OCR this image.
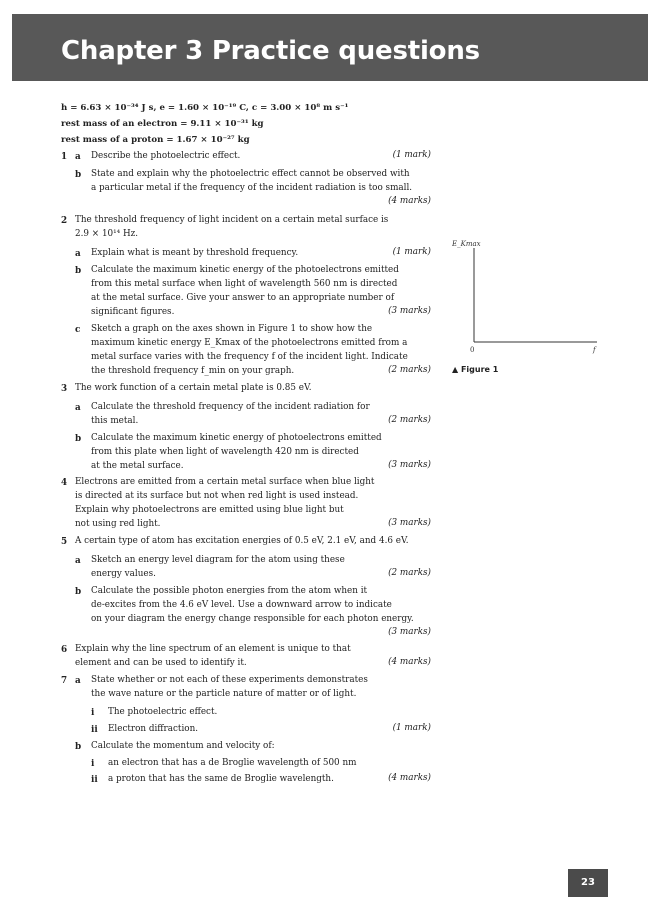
Chapter 3 Practice questions
h = 6.63 × 10⁻³⁴ J s, e = 1.60 × 10⁻¹⁹ C, c = 3.00 × 10⁸ m s⁻¹
rest mass of an electron = 9.11 × 10⁻³¹ kg
rest mass of a proton = 1.67 × 10⁻²⁷ kg
1 a Describe the photoelectric effect.	(1 mark)
b State and explain why the photoelectric effect cannot be observed with
a particular metal if the frequency of the incident radiation is too small.
(4 marks)
2 The threshold frequency of light incident on a certain metal surface is
2.9 × 10¹⁴ Hz.
a Explain what is meant by threshold frequency.	(1 mark)
b Calculate the maximum kinetic energy of the photoelectrons emitted
from this metal surface when light of wavelength 560 nm is directed
at the metal surface. Give your answer to an appropriate number of
significant figures.	(3 marks)
c Sketch a graph on the axes shown in Figure 1 to show how the
maximum kinetic energy E_Kmax of the photoelectrons emitted from a
metal surface varies with the frequency f of the incident light. Indicate
the threshold frequency f_min on your graph.	(2 marks)
E_Kmax
0	f
▲ Figure 1
3 The work function of a certain metal plate is 0.85 eV.
a Calculate the threshold frequency of the incident radiation for
this metal.	(2 marks)
b Calculate the maximum kinetic energy of photoelectrons emitted
from this plate when light of wavelength 420 nm is directed
at the metal surface.	(3 marks)
4 Electrons are emitted from a certain metal surface when blue light
is directed at its surface but not when red light is used instead.
Explain why photoelectrons are emitted using blue light but
not using red light.	(3 marks)
5 A certain type of atom has excitation energies of 0.5 eV, 2.1 eV, and 4.6 eV.
a Sketch an energy level diagram for the atom using these
energy values.	(2 marks)
b Calculate the possible photon energies from the atom when it
de-excites from the 4.6 eV level. Use a downward arrow to indicate
on your diagram the energy change responsible for each photon energy.
(3 marks)
6 Explain why the line spectrum of an element is unique to that
element and can be used to identify it.	(4 marks)
7 a State whether or not each of these experiments demonstrates
the wave nature or the particle nature of matter or of light.
i The photoelectric effect.
ii Electron diffraction.	(1 mark)
b Calculate the momentum and velocity of:
i an electron that has a de Broglie wavelength of 500 nm
ii a proton that has the same de Broglie wavelength.	(4 marks)
23
